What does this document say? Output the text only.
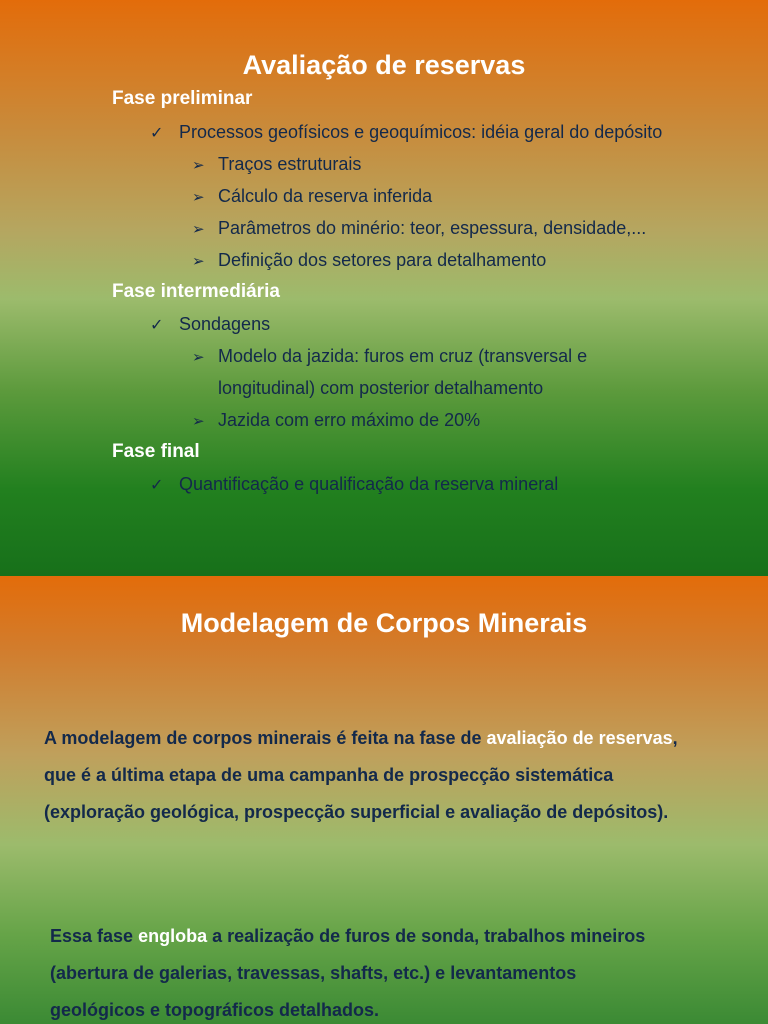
Avaliação de reservas
Fase preliminar
✓ Processos geofísicos e geoquímicos: idéia geral do depósito
➢ Traços estruturais
➢ Cálculo da reserva inferida
➢ Parâmetros do minério: teor, espessura, densidade,...
➢ Definição dos setores para detalhamento
Fase intermediária
✓ Sondagens
➢ Modelo da jazida: furos em cruz (transversal e
longitudinal) com posterior detalhamento
➢ Jazida com erro máximo de 20%
Fase final
✓ Quantificação e qualificação da reserva mineral
Modelagem de Corpos Minerais
A modelagem de corpos minerais é feita na fase de avaliação de reservas,
que é a última etapa de uma campanha de prospecção sistemática
(exploração geológica, prospecção superficial e avaliação de depósitos).
Essa fase engloba a realização de furos de sonda, trabalhos mineiros
(abertura de galerias, travessas, shafts, etc.) e levantamentos
geológicos e topográficos detalhados.
